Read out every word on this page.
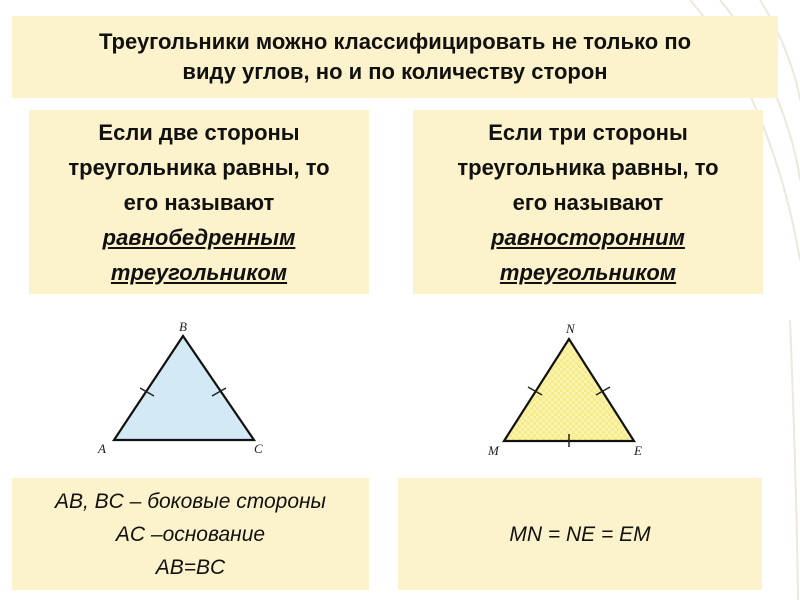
Треугольники можно классифицировать не только по
виду углов, но и по количеству сторон
Если две стороны
треугольника равны, то
его называют
равнобедренным
треугольником
Если три стороны
треугольника равны, то
его называют
равносторонним
треугольником
B
A	C
N
M	E
AB, BC – боковые стороны
AC –основание
AB=BC
MN = NE = EM
